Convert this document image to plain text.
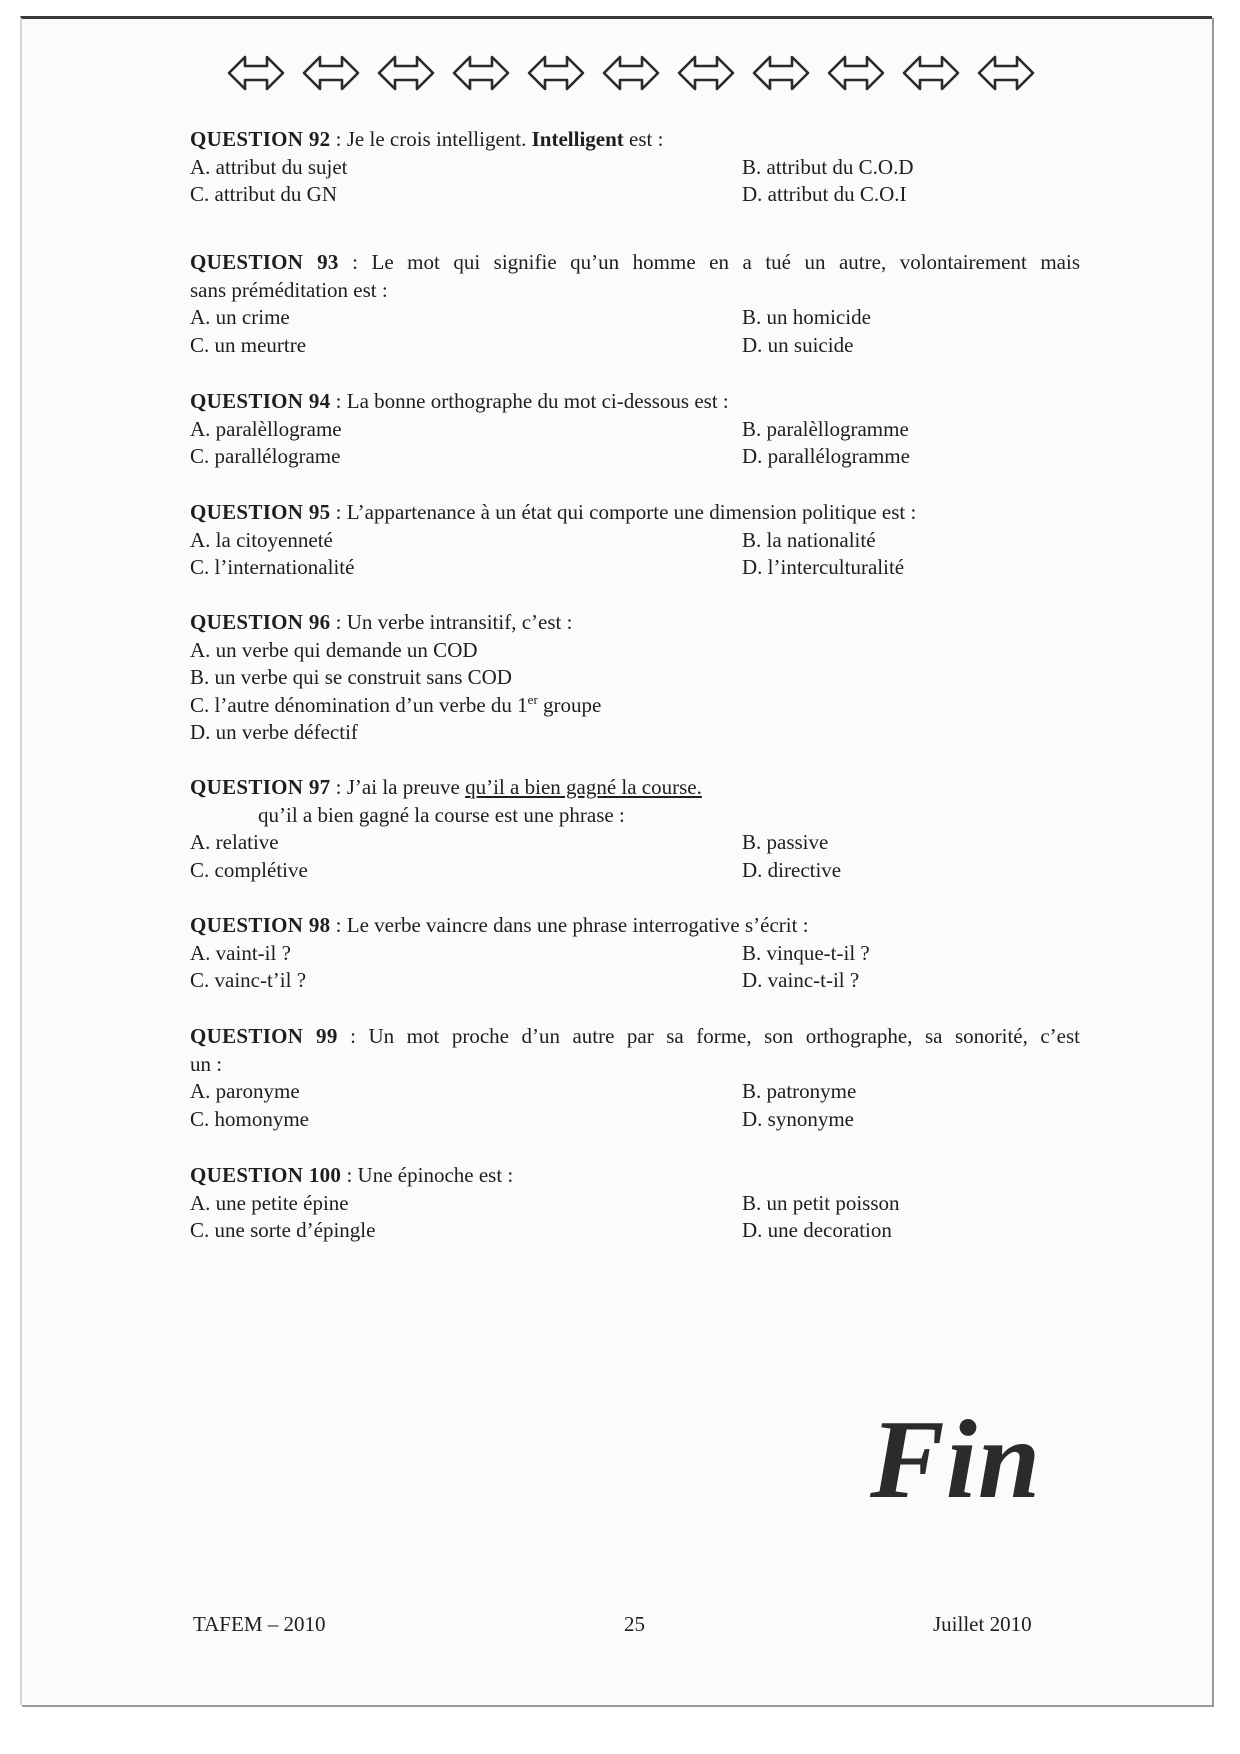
QUESTION 92 : Je le crois intelligent. Intelligent est :

A. attribut du sujet	B. attribut du C.O.D
C. attribut du GN	D. attribut du C.O.I

QUESTION 93 : Le mot qui signifie qu’un homme en a tué un autre, volontairement mais

sans préméditation est :

A. un crime	B. un homicide
C. un meurtre	D. un suicide

QUESTION 94 : La bonne orthographe du mot ci-dessous est :

A. paralèllograme	B. paralèllogramme
C. parallélograme	D. parallélogramme

QUESTION 95 : L’appartenance à un état qui comporte une dimension politique est :

A. la citoyenneté	B. la nationalité
C. l’internationalité	D. l’interculturalité

QUESTION 96 : Un verbe intransitif, c’est :

A. un verbe qui demande un COD
B. un verbe qui se construit sans COD
C. l’autre dénomination d’un verbe du 1er groupe
D. un verbe défectif

QUESTION 97 : J’ai la preuve qu’il a bien gagné la course.

qu’il a bien gagné la course est une phrase :

A. relative	B. passive
C. complétive	D. directive

QUESTION 98 : Le verbe vaincre dans une phrase interrogative s’écrit :

A. vaint-il ?	B. vinque-t-il ?
C. vainc-t’il ?	D. vainc-t-il ?

QUESTION 99 : Un mot proche d’un autre par sa forme, son orthographe, sa sonorité, c’est

un :

A. paronyme	B. patronyme
C. homonyme	D. synonyme

QUESTION 100 : Une épinoche est :

A. une petite épine	B. un petit poisson
C. une sorte d’épingle	D. une decoration
Fin
TAFEM – 2010	25	Juillet 2010
